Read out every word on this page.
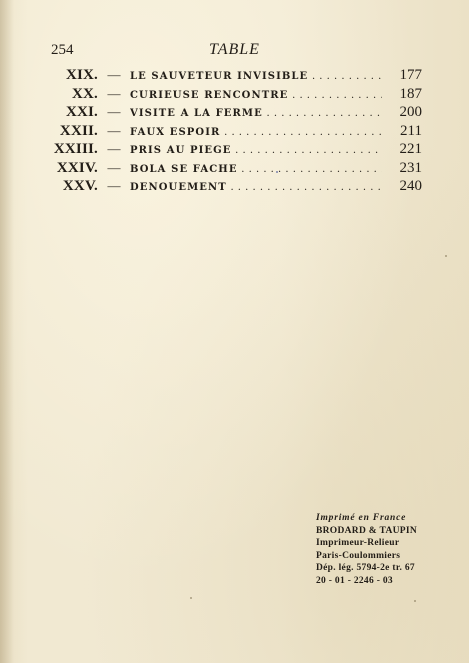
254	TABLE
XIX. — LE SAUVETEUR INVISIBLE . . .	177
XX. — CURIEUSE RENCONTRE . . .	187
XXI. — VISITE A LA FERME . . .	200
XXII. — FAUX ESPOIR . . .	211
XXIII. — PRIS AU PIÈGE . . .	221
XXIV. — BOLA SE FACHE . . .	231
XXV. — DÉNOUEMENT . . .	240
Imprimé en France
BRODARD & TAUPIN
Imprimeur-Relieur
Paris-Coulommiers
Dép. lég. 5794-2e tr. 67
20 - 01 - 2246 - 03
